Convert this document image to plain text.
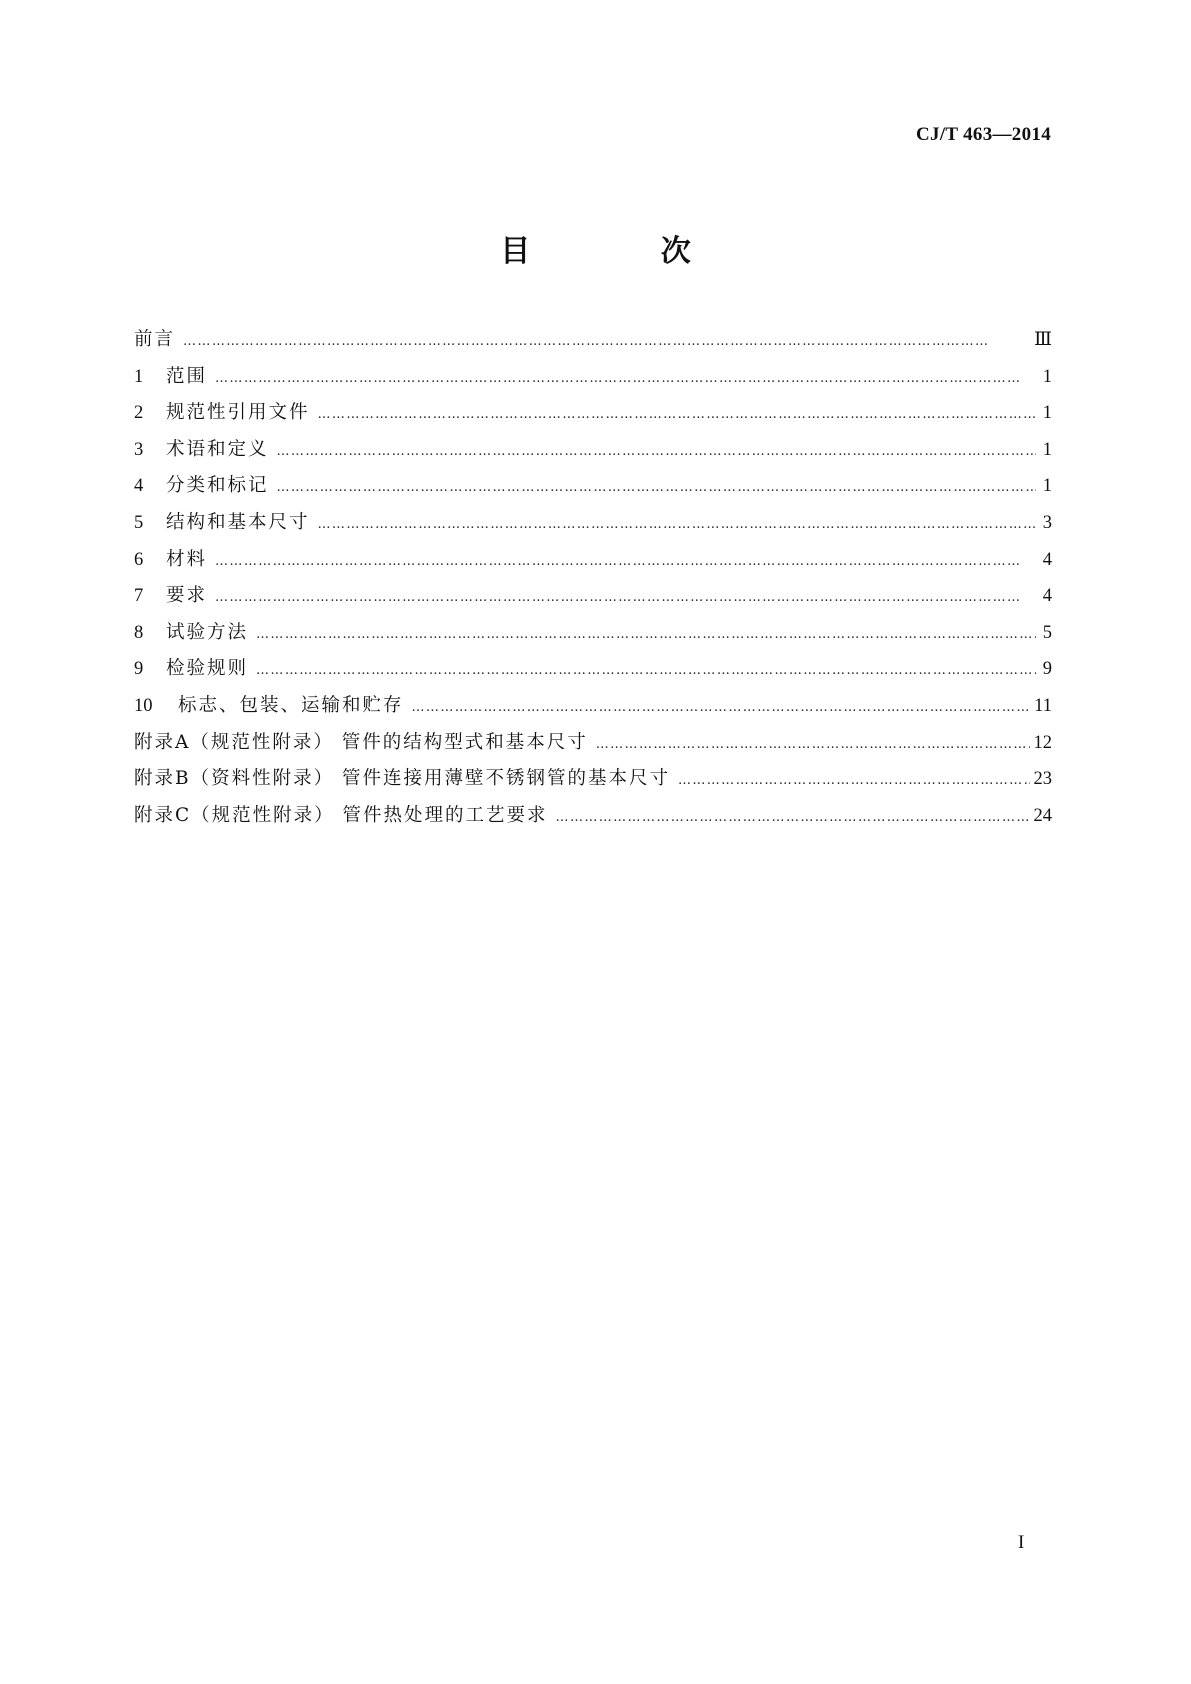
CJ/T 463—2014
目 次
前言 ……………………………………………………………………………………………………………………………………………………	Ⅲ
1	范围 ……………………………………………………………………………………………………………………………………………………	1
2	规范性引用文件 ……………………………………………………………………………………………………………………………………………………	1
3	术语和定义 ……………………………………………………………………………………………………………………………………………………	1
4	分类和标记 ……………………………………………………………………………………………………………………………………………………	1
5	结构和基本尺寸 ……………………………………………………………………………………………………………………………………………………	3
6	材料 ……………………………………………………………………………………………………………………………………………………	4
7	要求 ……………………………………………………………………………………………………………………………………………………	4
8	试验方法 ……………………………………………………………………………………………………………………………………………………	5
9	检验规则 ……………………………………………………………………………………………………………………………………………………	9
10	标志、包装、运输和贮存 ……………………………………………………………………………………………………………………………………………………	11
附录A（规范性附录） 管件的结构型式和基本尺寸 ……………………………………………………………………………………………………………………………………………………	12
附录B（资料性附录） 管件连接用薄壁不锈钢管的基本尺寸 ……………………………………………………………………………………………………………………………………………………	23
附录C（规范性附录） 管件热处理的工艺要求 ……………………………………………………………………………………………………………………………………………………	24
I
